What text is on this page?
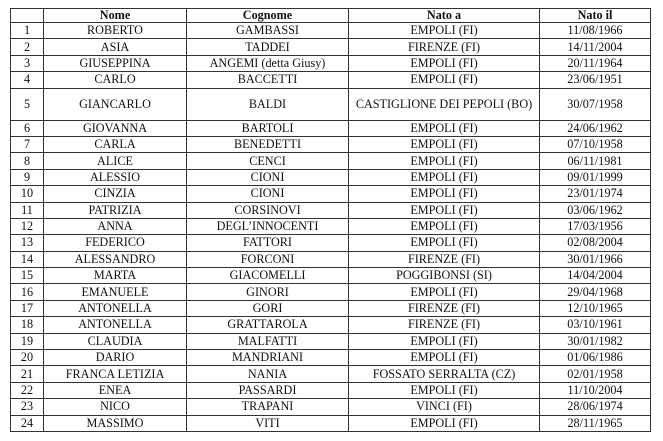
	Nome	Cognome	Nato a	Nato il
1	ROBERTO	GAMBASSI	EMPOLI (FI)	11/08/1966
2	ASIA	TADDEI	FIRENZE (FI)	14/11/2004
3	GIUSEPPINA	ANGEMI (detta Giusy)	EMPOLI (FI)	20/11/1964
4	CARLO	BACCETTI	EMPOLI (FI)	23/06/1951
5	GIANCARLO	BALDI	CASTIGLIONE DEI PEPOLI (BO)	30/07/1958
6	GIOVANNA	BARTOLI	EMPOLI (FI)	24/06/1962
7	CARLA	BENEDETTI	EMPOLI (FI)	07/10/1958
8	ALICE	CENCI	EMPOLI (FI)	06/11/1981
9	ALESSIO	CIONI	EMPOLI (FI)	09/01/1999
10	CINZIA	CIONI	EMPOLI (FI)	23/01/1974
11	PATRIZIA	CORSINOVI	EMPOLI (FI)	03/06/1962
12	ANNA	DEGL’INNOCENTI	EMPOLI (FI)	17/03/1956
13	FEDERICO	FATTORI	EMPOLI (FI)	02/08/2004
14	ALESSANDRO	FORCONI	FIRENZE (FI)	30/01/1966
15	MARTA	GIACOMELLI	POGGIBONSI (SI)	14/04/2004
16	EMANUELE	GINORI	EMPOLI (FI)	29/04/1968
17	ANTONELLA	GORI	FIRENZE (FI)	12/10/1965
18	ANTONELLA	GRATTAROLA	FIRENZE (FI)	03/10/1961
19	CLAUDIA	MALFATTI	EMPOLI (FI)	30/01/1982
20	DARIO	MANDRIANI	EMPOLI (FI)	01/06/1986
21	FRANCA LETIZIA	NANIA	FOSSATO SERRALTA (CZ)	02/01/1958
22	ENEA	PASSARDI	EMPOLI (FI)	11/10/2004
23	NICO	TRAPANI	VINCI (FI)	28/06/1974
24	MASSIMO	VITI	EMPOLI (FI)	28/11/1965
